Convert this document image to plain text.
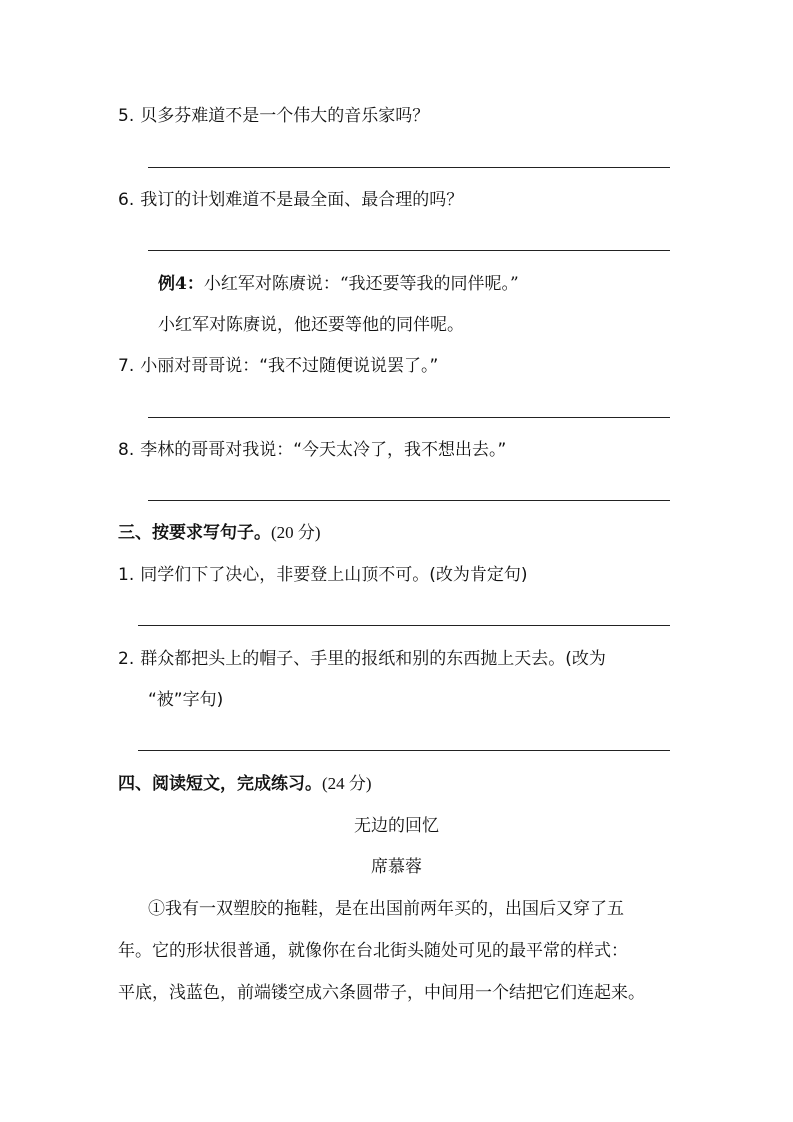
5. 贝多芬难道不是一个伟大的音乐家吗？
6. 我订的计划难道不是最全面、最合理的吗？
例4：小红军对陈赓说：“我还要等我的同伴呢。”
小红军对陈赓说，他还要等他的同伴呢。
7. 小丽对哥哥说：“我不过随便说说罢了。”
8. 李林的哥哥对我说：“今天太冷了，我不想出去。”
三、按要求写句子。(20 分)
1. 同学们下了决心，非要登上山顶不可。(改为肯定句)
2. 群众都把头上的帽子、手里的报纸和别的东西抛上天去。(改为
“被”字句)
四、阅读短文，完成练习。(24 分)
无边的回忆
席慕蓉
①我有一双塑胶的拖鞋，是在出国前两年买的，出国后又穿了五
年。它的形状很普通，就像你在台北街头随处可见的最平常的样式：
平底，浅蓝色，前端镂空成六条圆带子，中间用一个结把它们连起来。
